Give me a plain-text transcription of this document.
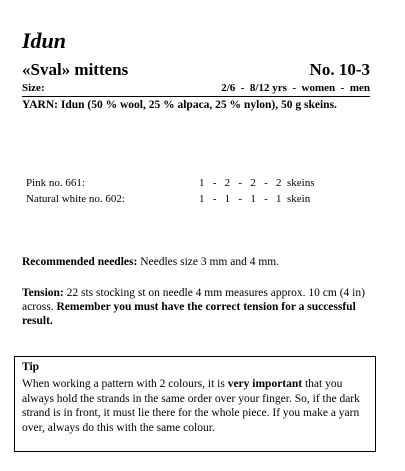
Idun
«Sval» mittens	No. 10-3
Size:	2/6  -  8/12 yrs  -  women  -  men
YARN: Idun (50 % wool, 25 % alpaca, 25 % nylon), 50 g skeins.
Pink no. 661:	1   -   2   -   2   -   2  skeins
Natural white no. 602:	1   -   1   -   1   -   1  skein
Recommended needles: Needles size 3 mm and 4 mm.
Tension: 22 sts stocking st on needle 4 mm measures approx. 10 cm (4 in) across. Remember you must have the correct tension for a successful result.
Tip
When working a pattern with 2 colours, it is very important that you always hold the strands in the same order over your finger. So, if the dark strand is in front, it must lie there for the whole piece. If you make a yarn over, always do this with the same colour.
